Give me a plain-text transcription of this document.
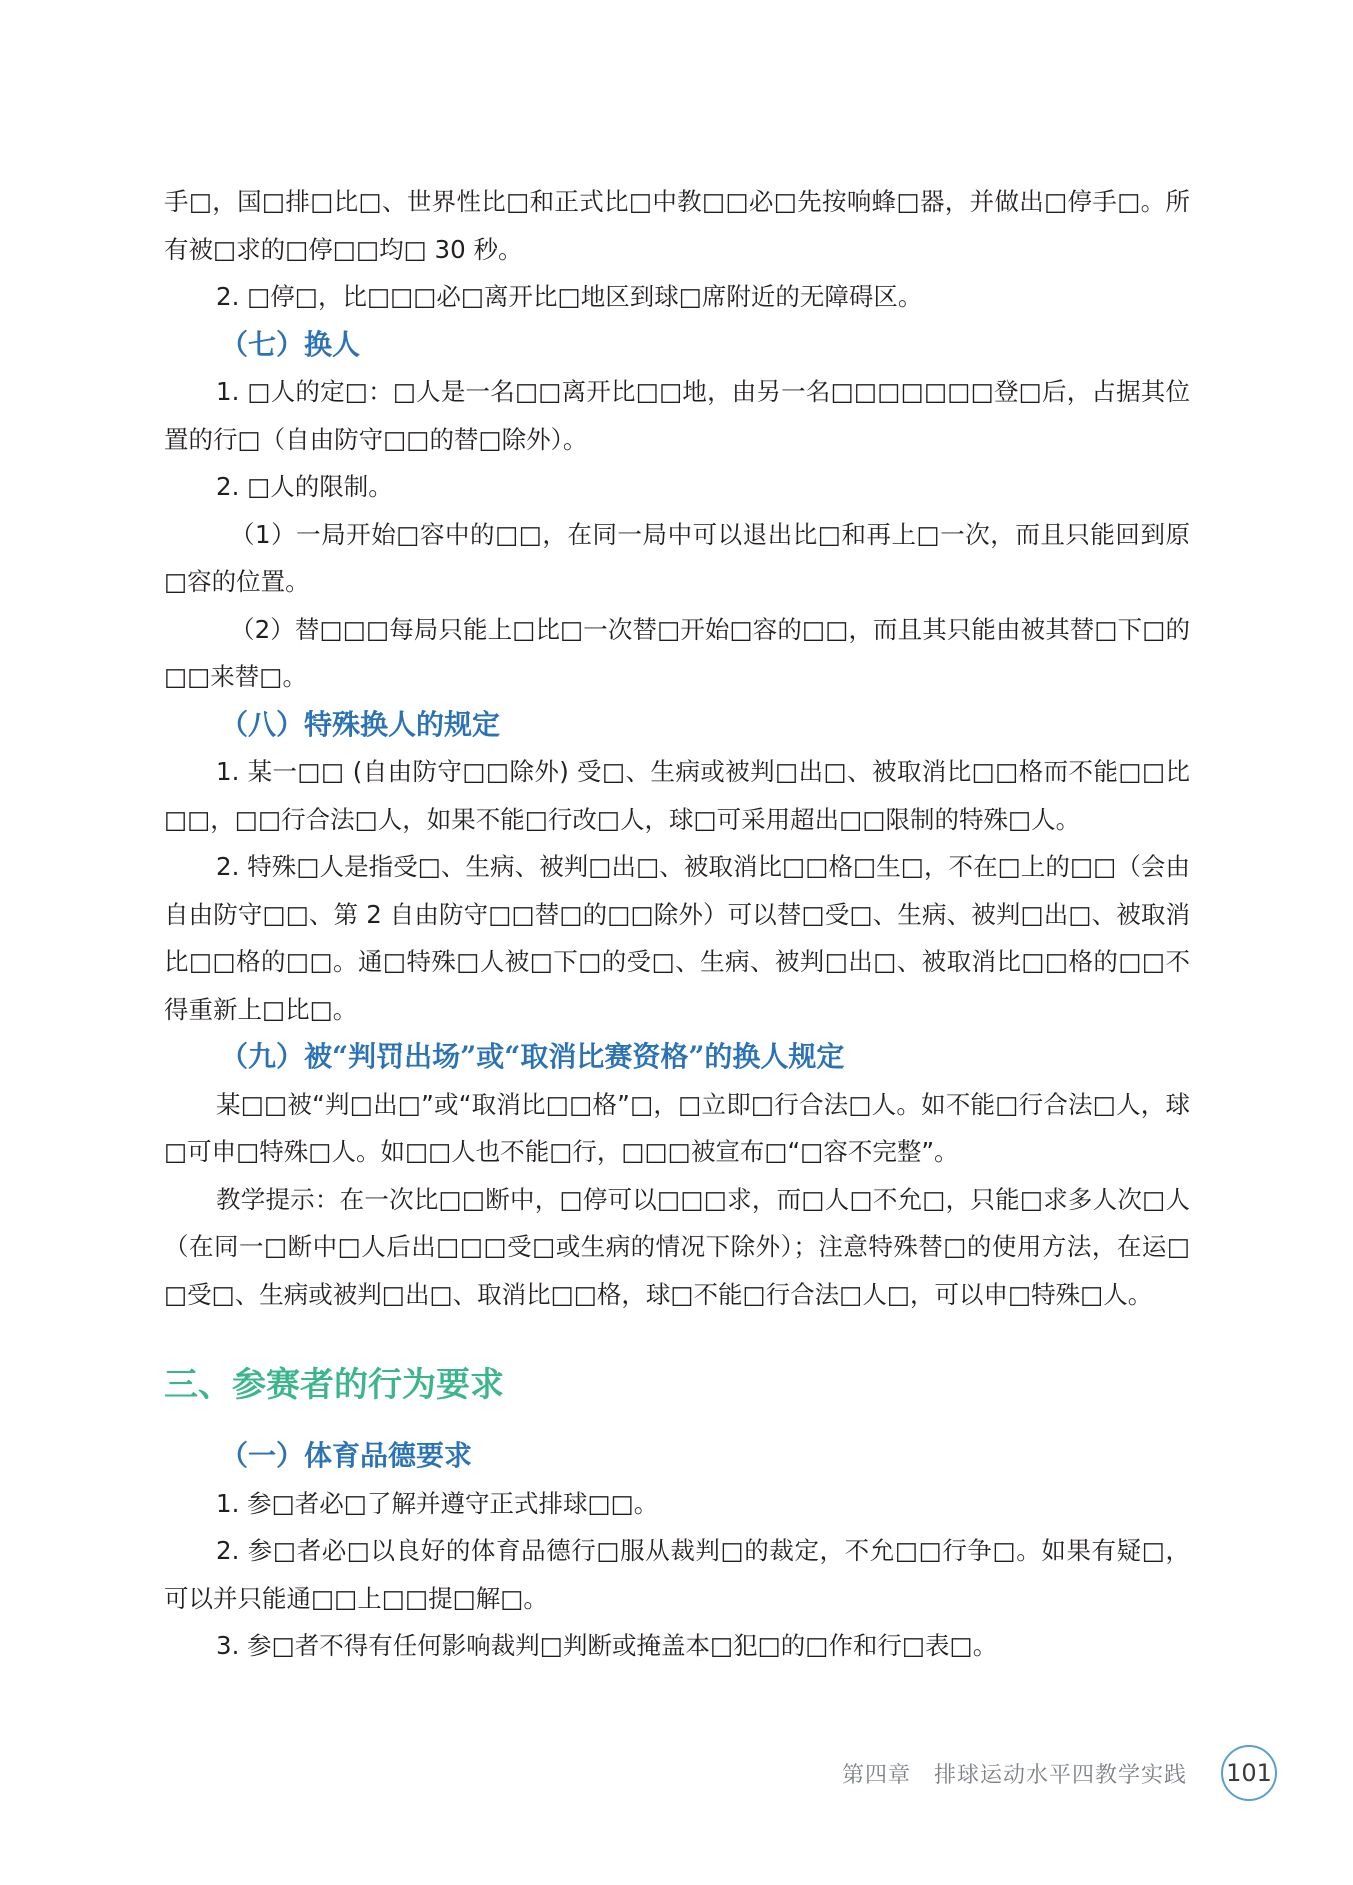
手□，国□排□比□、世界性比□和正式比□中教□□必□先按响蜂□器，并做出□停手□。所有被□求的□停□□均□ 30 秒。

2. □停□，比□□□必□离开比□地区到球□席附近的无障碍区。

（七）换人

1. □人的定□：□人是一名□□离开比□□地，由另一名□□□□□□□登□后，占据其位置的行□（自由防守□□的替□除外）。

2. □人的限制。

（1）一局开始□容中的□□，在同一局中可以退出比□和再上□一次，而且只能回到原□容的位置。

（2）替□□□每局只能上□比□一次替□开始□容的□□，而且其只能由被其替□下□的□□来替□。

（八）特殊换人的规定

1. 某一□□ (自由防守□□除外) 受□、生病或被判□出□、被取消比□□格而不能□□比□□，□□行合法□人，如果不能□行改□人，球□可采用超出□□限制的特殊□人。

2. 特殊□人是指受□、生病、被判□出□、被取消比□□格□生□，不在□上的□□（会由自由防守□□、第 2 自由防守□□替□的□□除外）可以替□受□、生病、被判□出□、被取消比□□格的□□。通□特殊□人被□下□的受□、生病、被判□出□、被取消比□□格的□□不得重新上□比□。

（九）被“判罚出场”或“取消比赛资格”的换人规定

某□□被“判□出□”或“取消比□□格”□，□立即□行合法□人。如不能□行合法□人，球□可申□特殊□人。如□□人也不能□行，□□□被宣布□“□容不完整”。

教学提示：在一次比□□断中，□停可以□□□求，而□人□不允□，只能□求多人次□人（在同一□断中□人后出□□□受□或生病的情况下除外）；注意特殊替□的使用方法，在运□□受□、生病或被判□出□、取消比□□格，球□不能□行合法□人□，可以申□特殊□人。

三、参赛者的行为要求
（一）体育品德要求

1. 参□者必□了解并遵守正式排球□□。

2. 参□者必□以良好的体育品德行□服从裁判□的裁定，不允□□行争□。如果有疑□，可以并只能通□□上□□提□解□。

3. 参□者不得有任何影响裁判□判断或掩盖本□犯□的□作和行□表□。

第四章　排球运动水平四教学实践 101
